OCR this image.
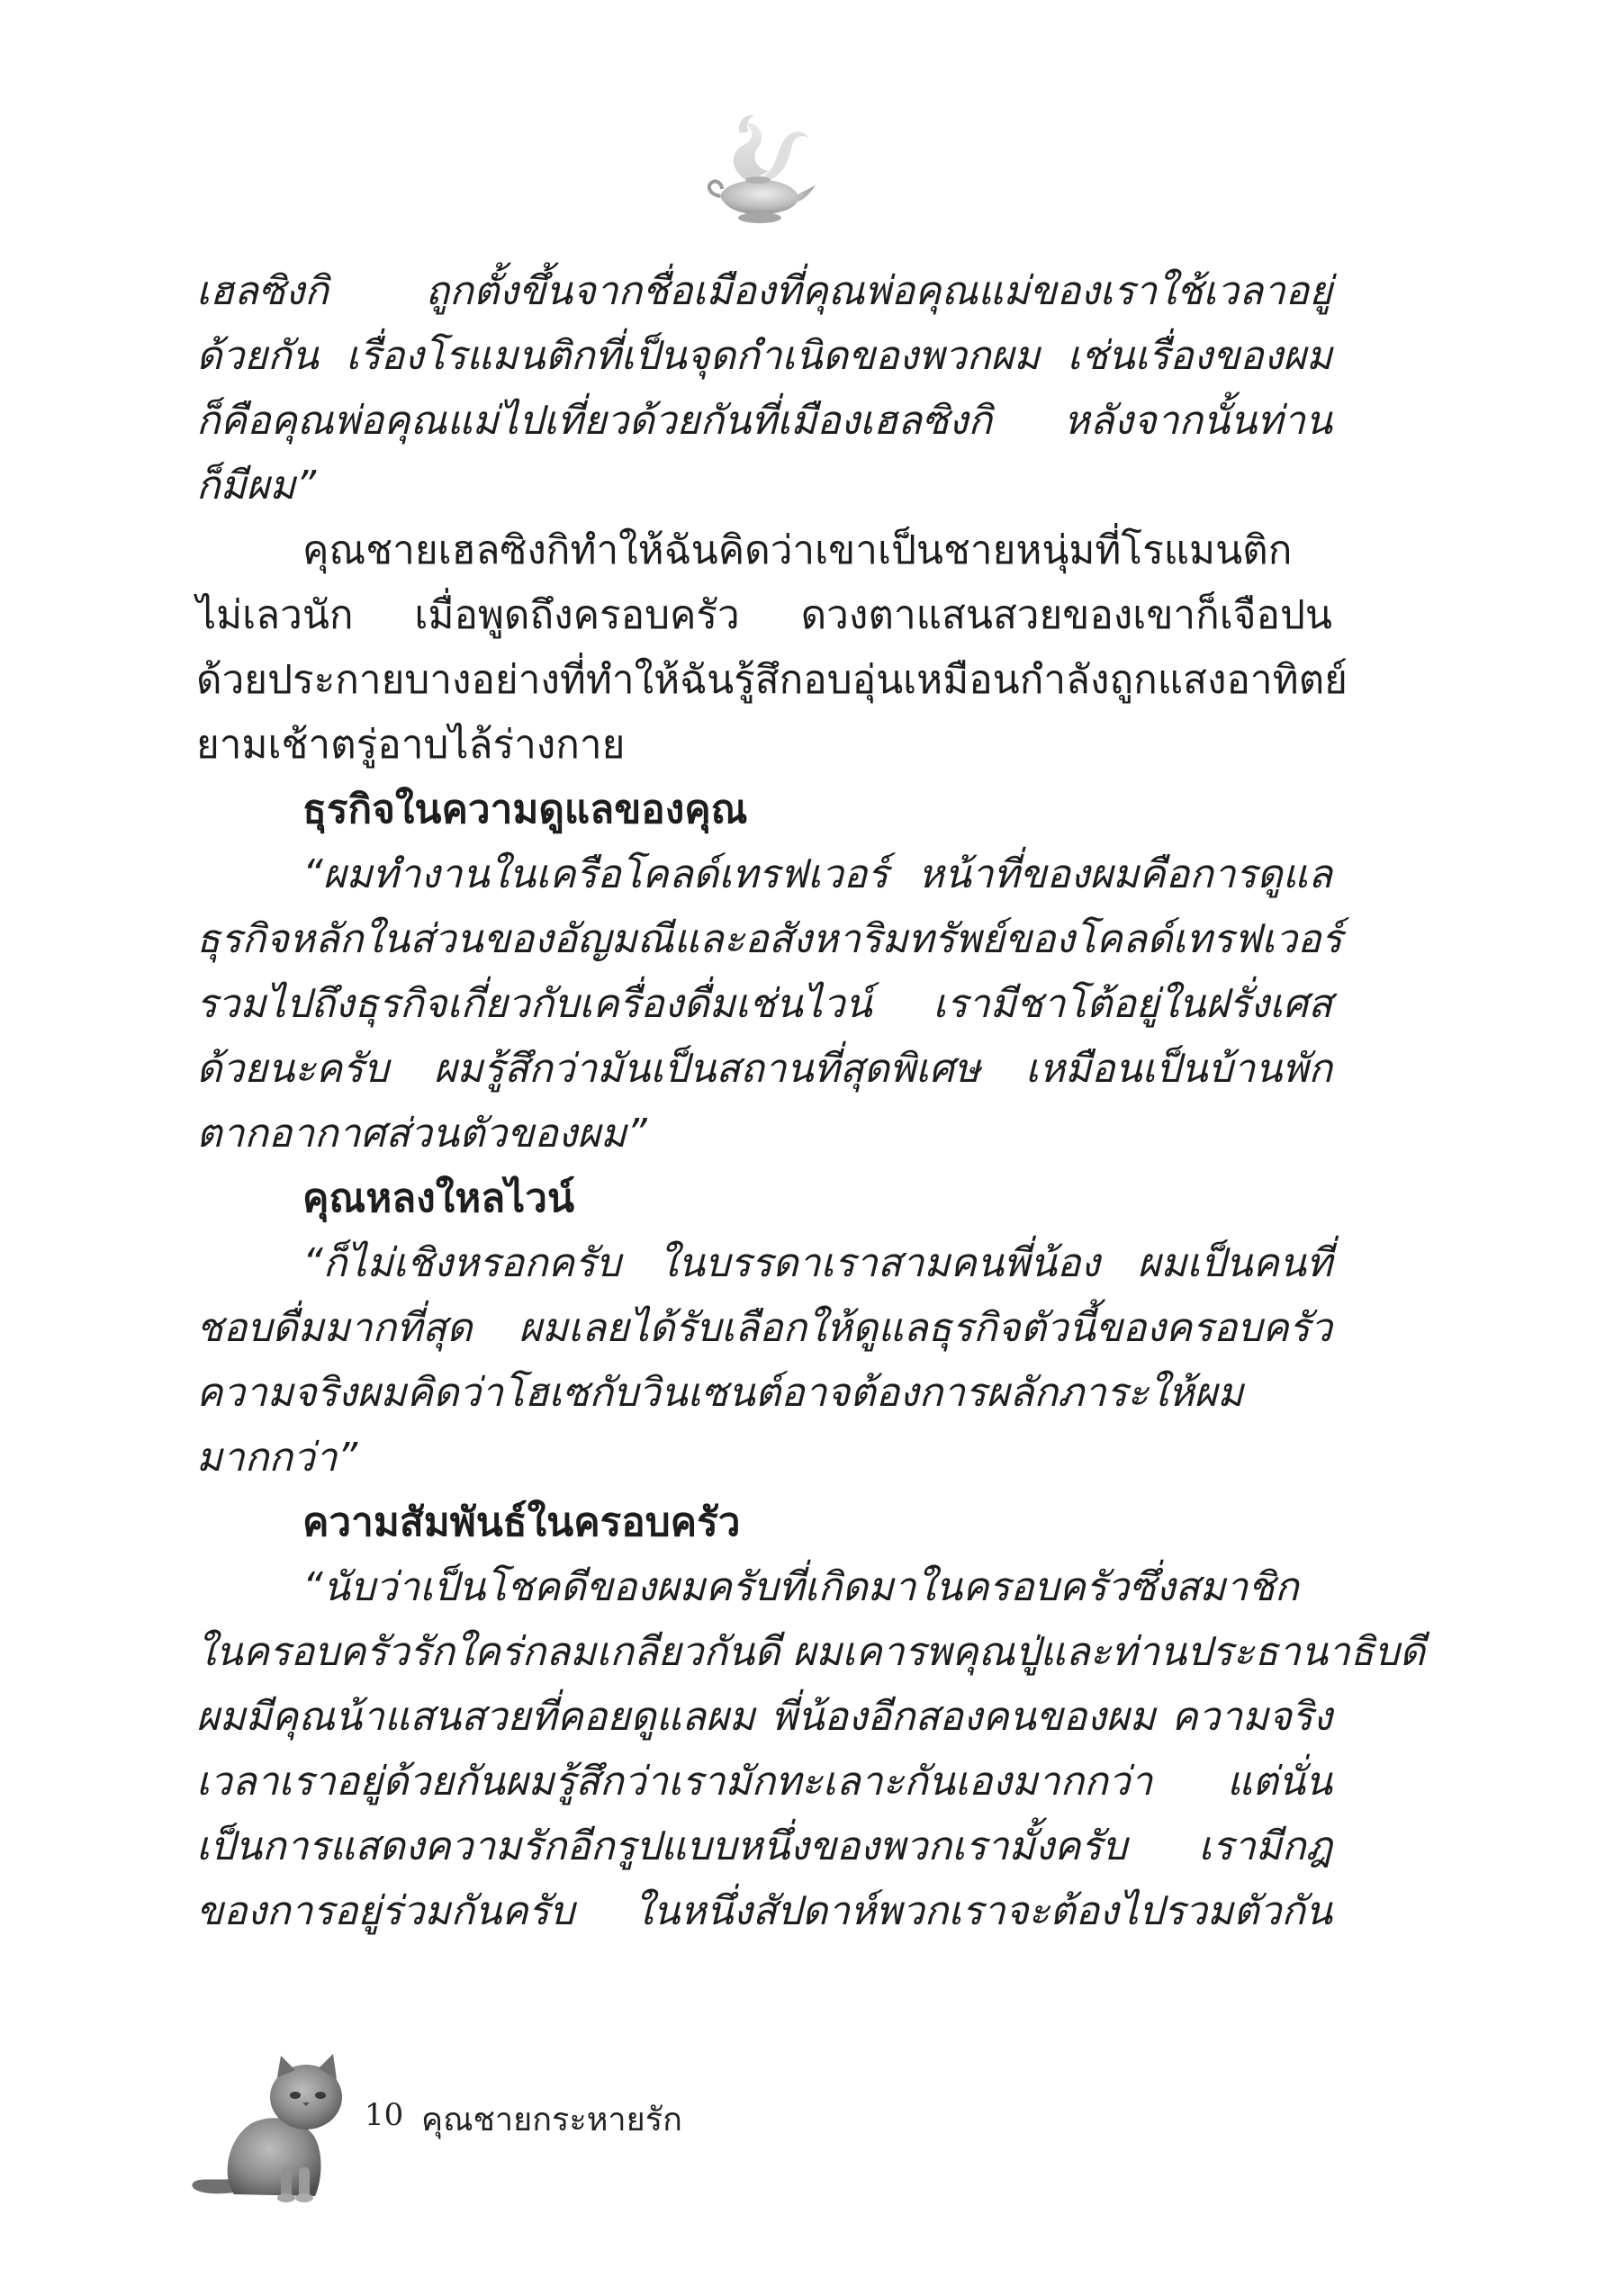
เฮลซิงกิ ถูกตั้งขึ้นจากชื่อเมืองที่คุณพ่อคุณแม่ของเราใช้เวลาอยู่
ด้วยกัน เรื่องโรแมนติกที่เป็นจุดกำเนิดของพวกผม เช่นเรื่องของผม
ก็คือคุณพ่อคุณแม่ไปเที่ยวด้วยกันที่เมืองเฮลซิงกิ หลังจากนั้นท่าน
ก็มีผม”
คุณชายเฮลซิงกิทำให้ฉันคิดว่าเขาเป็นชายหนุ่มที่โรแมนติก
ไม่เลวนัก เมื่อพูดถึงครอบครัว ดวงตาแสนสวยของเขาก็เจือปน
ด้วยประกายบางอย่างที่ทำให้ฉันรู้สึกอบอุ่นเหมือนกำลังถูกแสงอาทิตย์
ยามเช้าตรู่อาบไล้ร่างกาย
ธุรกิจในความดูแลของคุณ
“ผมทำงานในเครือโคลด์เทรฟเวอร์ หน้าที่ของผมคือการดูแล
ธุรกิจหลักในส่วนของอัญมณีและอสังหาริมทรัพย์ของโคลด์เทรฟเวอร์
รวมไปถึงธุรกิจเกี่ยวกับเครื่องดื่มเช่นไวน์ เรามีชาโต้อยู่ในฝรั่งเศส
ด้วยนะครับ ผมรู้สึกว่ามันเป็นสถานที่สุดพิเศษ เหมือนเป็นบ้านพัก
ตากอากาศส่วนตัวของผม”
คุณหลงใหลไวน์
“ก็ไม่เชิงหรอกครับ ในบรรดาเราสามคนพี่น้อง ผมเป็นคนที่
ชอบดื่มมากที่สุด ผมเลยได้รับเลือกให้ดูแลธุรกิจตัวนี้ของครอบครัว
ความจริงผมคิดว่าโฮเซกับวินเซนต์อาจต้องการผลักภาระให้ผม
มากกว่า”
ความสัมพันธ์ในครอบครัว
“นับว่าเป็นโชคดีของผมครับที่เกิดมาในครอบครัวซึ่งสมาชิก
ในครอบครัวรักใคร่กลมเกลียวกันดี ผมเคารพคุณปู่และท่านประธานาธิบดี
ผมมีคุณน้าแสนสวยที่คอยดูแลผม พี่น้องอีกสองคนของผม ความจริง
เวลาเราอยู่ด้วยกันผมรู้สึกว่าเรามักทะเลาะกันเองมากกว่า แต่นั่น
เป็นการแสดงความรักอีกรูปแบบหนึ่งของพวกเรามั้งครับ เรามีกฎ
ของการอยู่ร่วมกันครับ ในหนึ่งสัปดาห์พวกเราจะต้องไปรวมตัวกัน
10 คุณชายกระหายรัก
